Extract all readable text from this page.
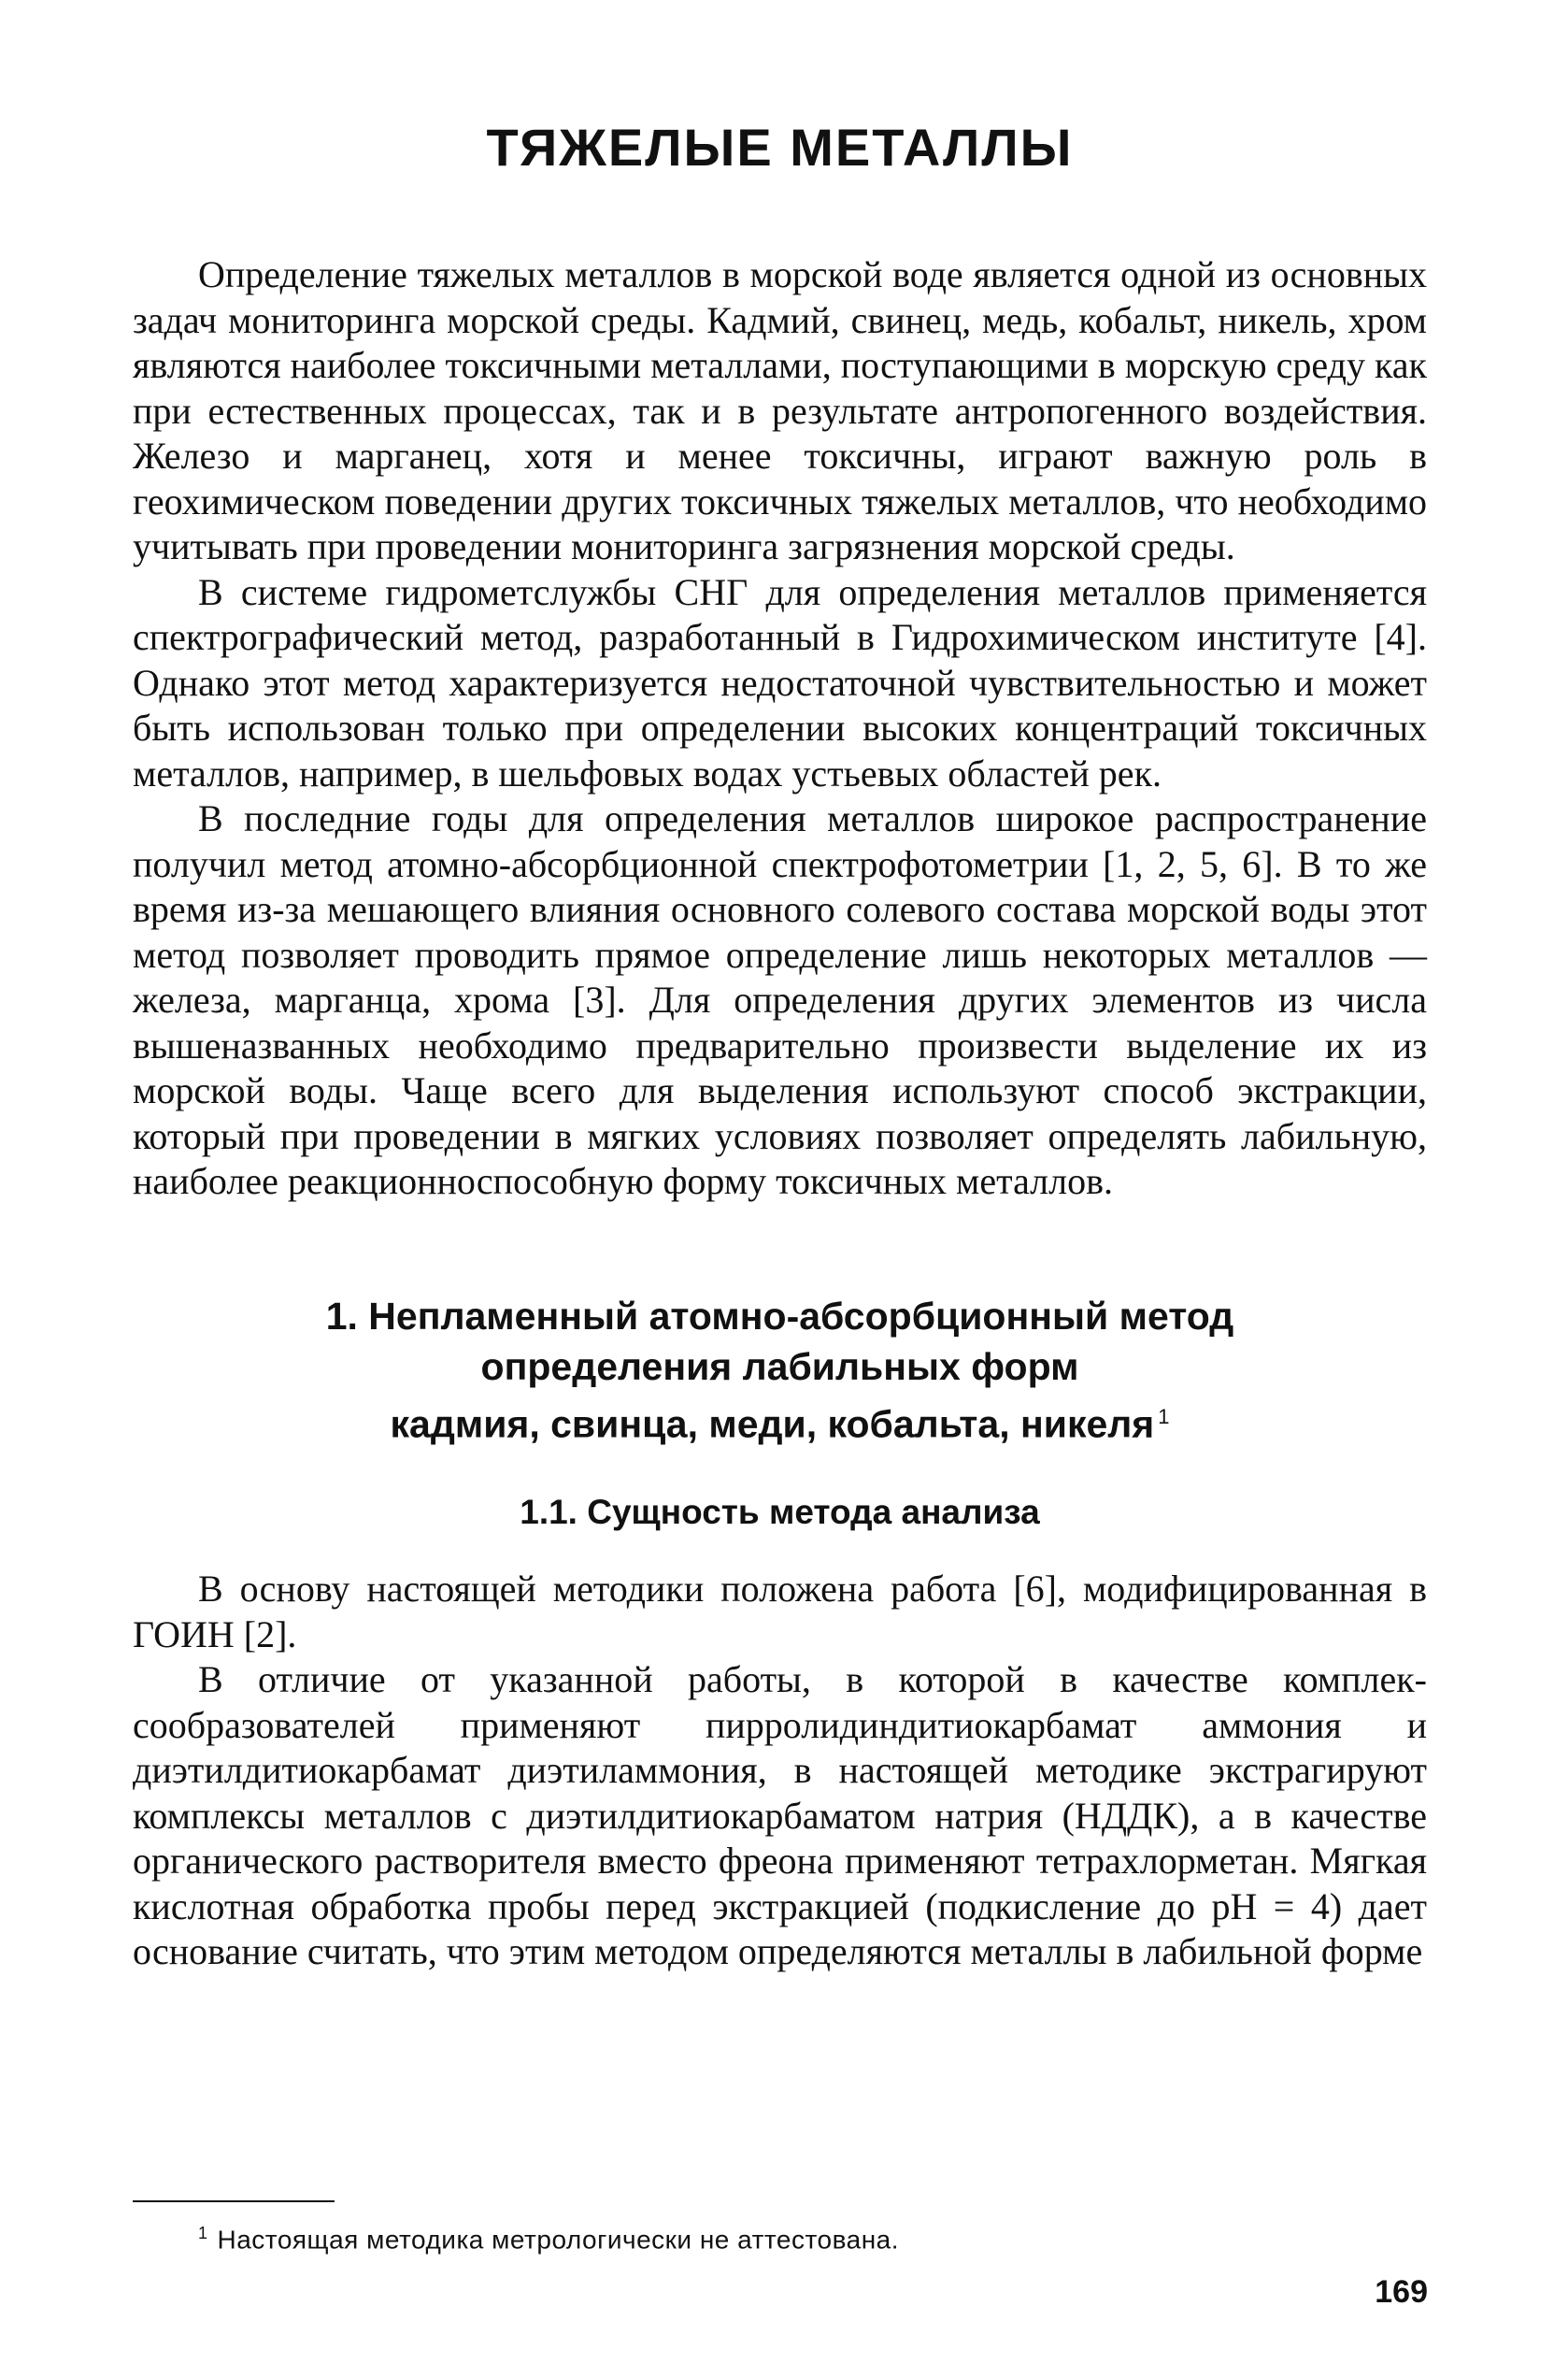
ТЯЖЕЛЫЕ МЕТАЛЛЫ

Определение тяжелых металлов в морской воде является одной из основных задач мониторинга морской среды. Кадмий, свинец, медь, кобальт, никель, хром являются наиболее токсичными металлами, поступающими в морскую среду как при естественных процессах, так и в результате антропогенного воздействия. Железо и марганец, хотя и менее токсичны, играют важную роль в геохимическом поведении других токсичных тяжелых металлов, что необходимо учитывать при проведении мониторинга загрязнения морской среды.

В системе гидрометслужбы СНГ для определения металлов применяется спектрографический метод, разработанный в Гидрохимическом институте [4]. Однако этот метод характеризуется недостаточной чувствительностью и может быть использован только при определении высоких концентраций токсичных металлов, например, в шельфовых водах устьевых областей рек.

В последние годы для определения металлов широкое распространение получил метод атомно-абсорбционной спектрофотометрии [1, 2, 5, 6]. В то же время из-за мешающего влияния основного солевого состава морской воды этот метод позволяет проводить прямое определение лишь некоторых металлов — железа, марганца, хрома [3]. Для определения других элементов из числа вышеназванных необходимо предварительно произвести выделение их из морской воды. Чаще всего для выделения используют способ экстракции, который при проведении в мягких условиях позволяет определять лабильную, наиболее реакционноспособную форму токсичных металлов.

1. Непламенный атомно-абсорбционный метод
определения лабильных форм
кадмия, свинца, меди, кобальта, никеля $^1$
1.1. Сущность метода анализа

В основу настоящей методики положена работа [6], модифицированная в ГОИН [2].

В отличие от указанной работы, в которой в качестве комплексообразователей применяют пирролидиндитиокарбамат аммония и диэтилдитиокарбамат диэтиламмония, в настоящей методике экстрагируют комплексы металлов с диэтилдитиокарбаматом натрия (НДДК), а в качестве органического растворителя вместо фреона применяют тетрахлорметан. Мягкая кислотная обработка пробы перед экстракцией (подкисление до pH = 4) дает основание считать, что этим методом определяются металлы в лабильной форме

$^1$ Настоящая методика метрологически не аттестована.
169
